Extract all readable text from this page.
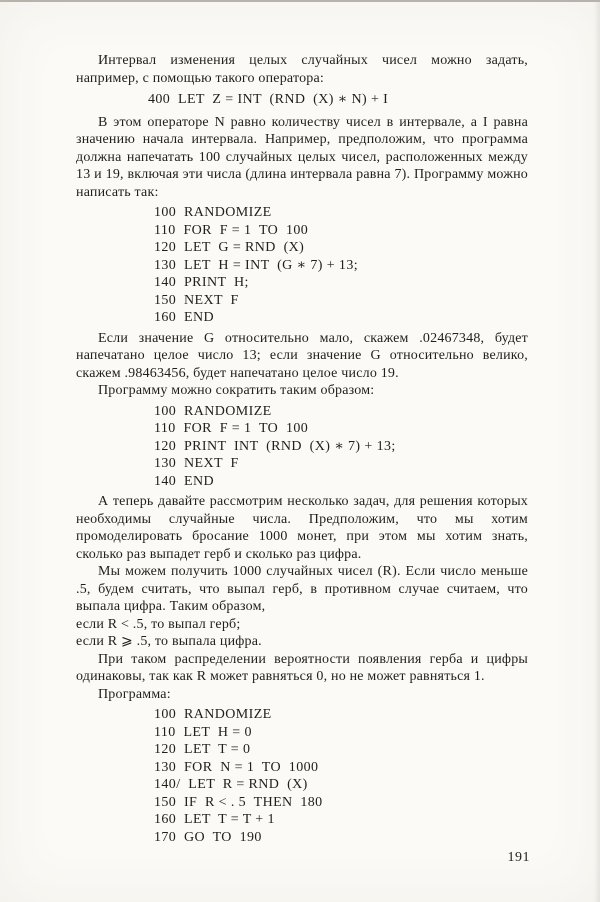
Интервал изменения целых случайных чисел можно задать, например, с помощью такого оператора:

400  LET  Z = INT  (RND  (X) ∗ N) + I

В этом операторе N равно количеству чисел в интервале, а I равна значению начала интервала. Например, предположим, что программа должна напечатать 100 случайных целых чисел, расположенных между 13 и 19, включая эти числа (длина интервала равна 7). Программу можно написать так:

100  RANDOMIZE
110  FOR  F = 1  TO  100
120  LET  G = RND  (X)
130  LET  H = INT  (G ∗ 7) + 13;
140  PRINT  H;
150  NEXT  F
160  END

Если значение G относительно мало, скажем .02467348, будет напечатано целое число 13; если значение G относительно велико, скажем .98463456, будет напечатано целое число 19.

Программу можно сократить таким образом:

100  RANDOMIZE
110  FOR  F = 1  TO  100
120  PRINT  INT  (RND  (X) ∗ 7) + 13;
130  NEXT  F
140  END

А теперь давайте рассмотрим несколько задач, для решения которых необходимы случайные числа. Предположим, что мы хотим промоделировать бросание 1000 монет, при этом мы хотим знать, сколько раз выпадет герб и сколько раз цифра.

Мы можем получить 1000 случайных чисел (R). Если число меньше .5, будем считать, что выпал герб, в противном случае считаем, что выпала цифра. Таким образом,

если R < .5, то выпал герб;

если R ⩾ .5, то выпала цифра.

При таком распределении вероятности появления герба и цифры одинаковы, так как R может равняться 0, но не может равняться 1.

Программа:

100  RANDOMIZE
110  LET  H = 0
120  LET  T = 0
130  FOR  N = 1  TO  1000
140/  LET  R = RND  (X)
150  IF  R < . 5  THEN  180
160  LET  T = T + 1
170  GO  TO  190
191
